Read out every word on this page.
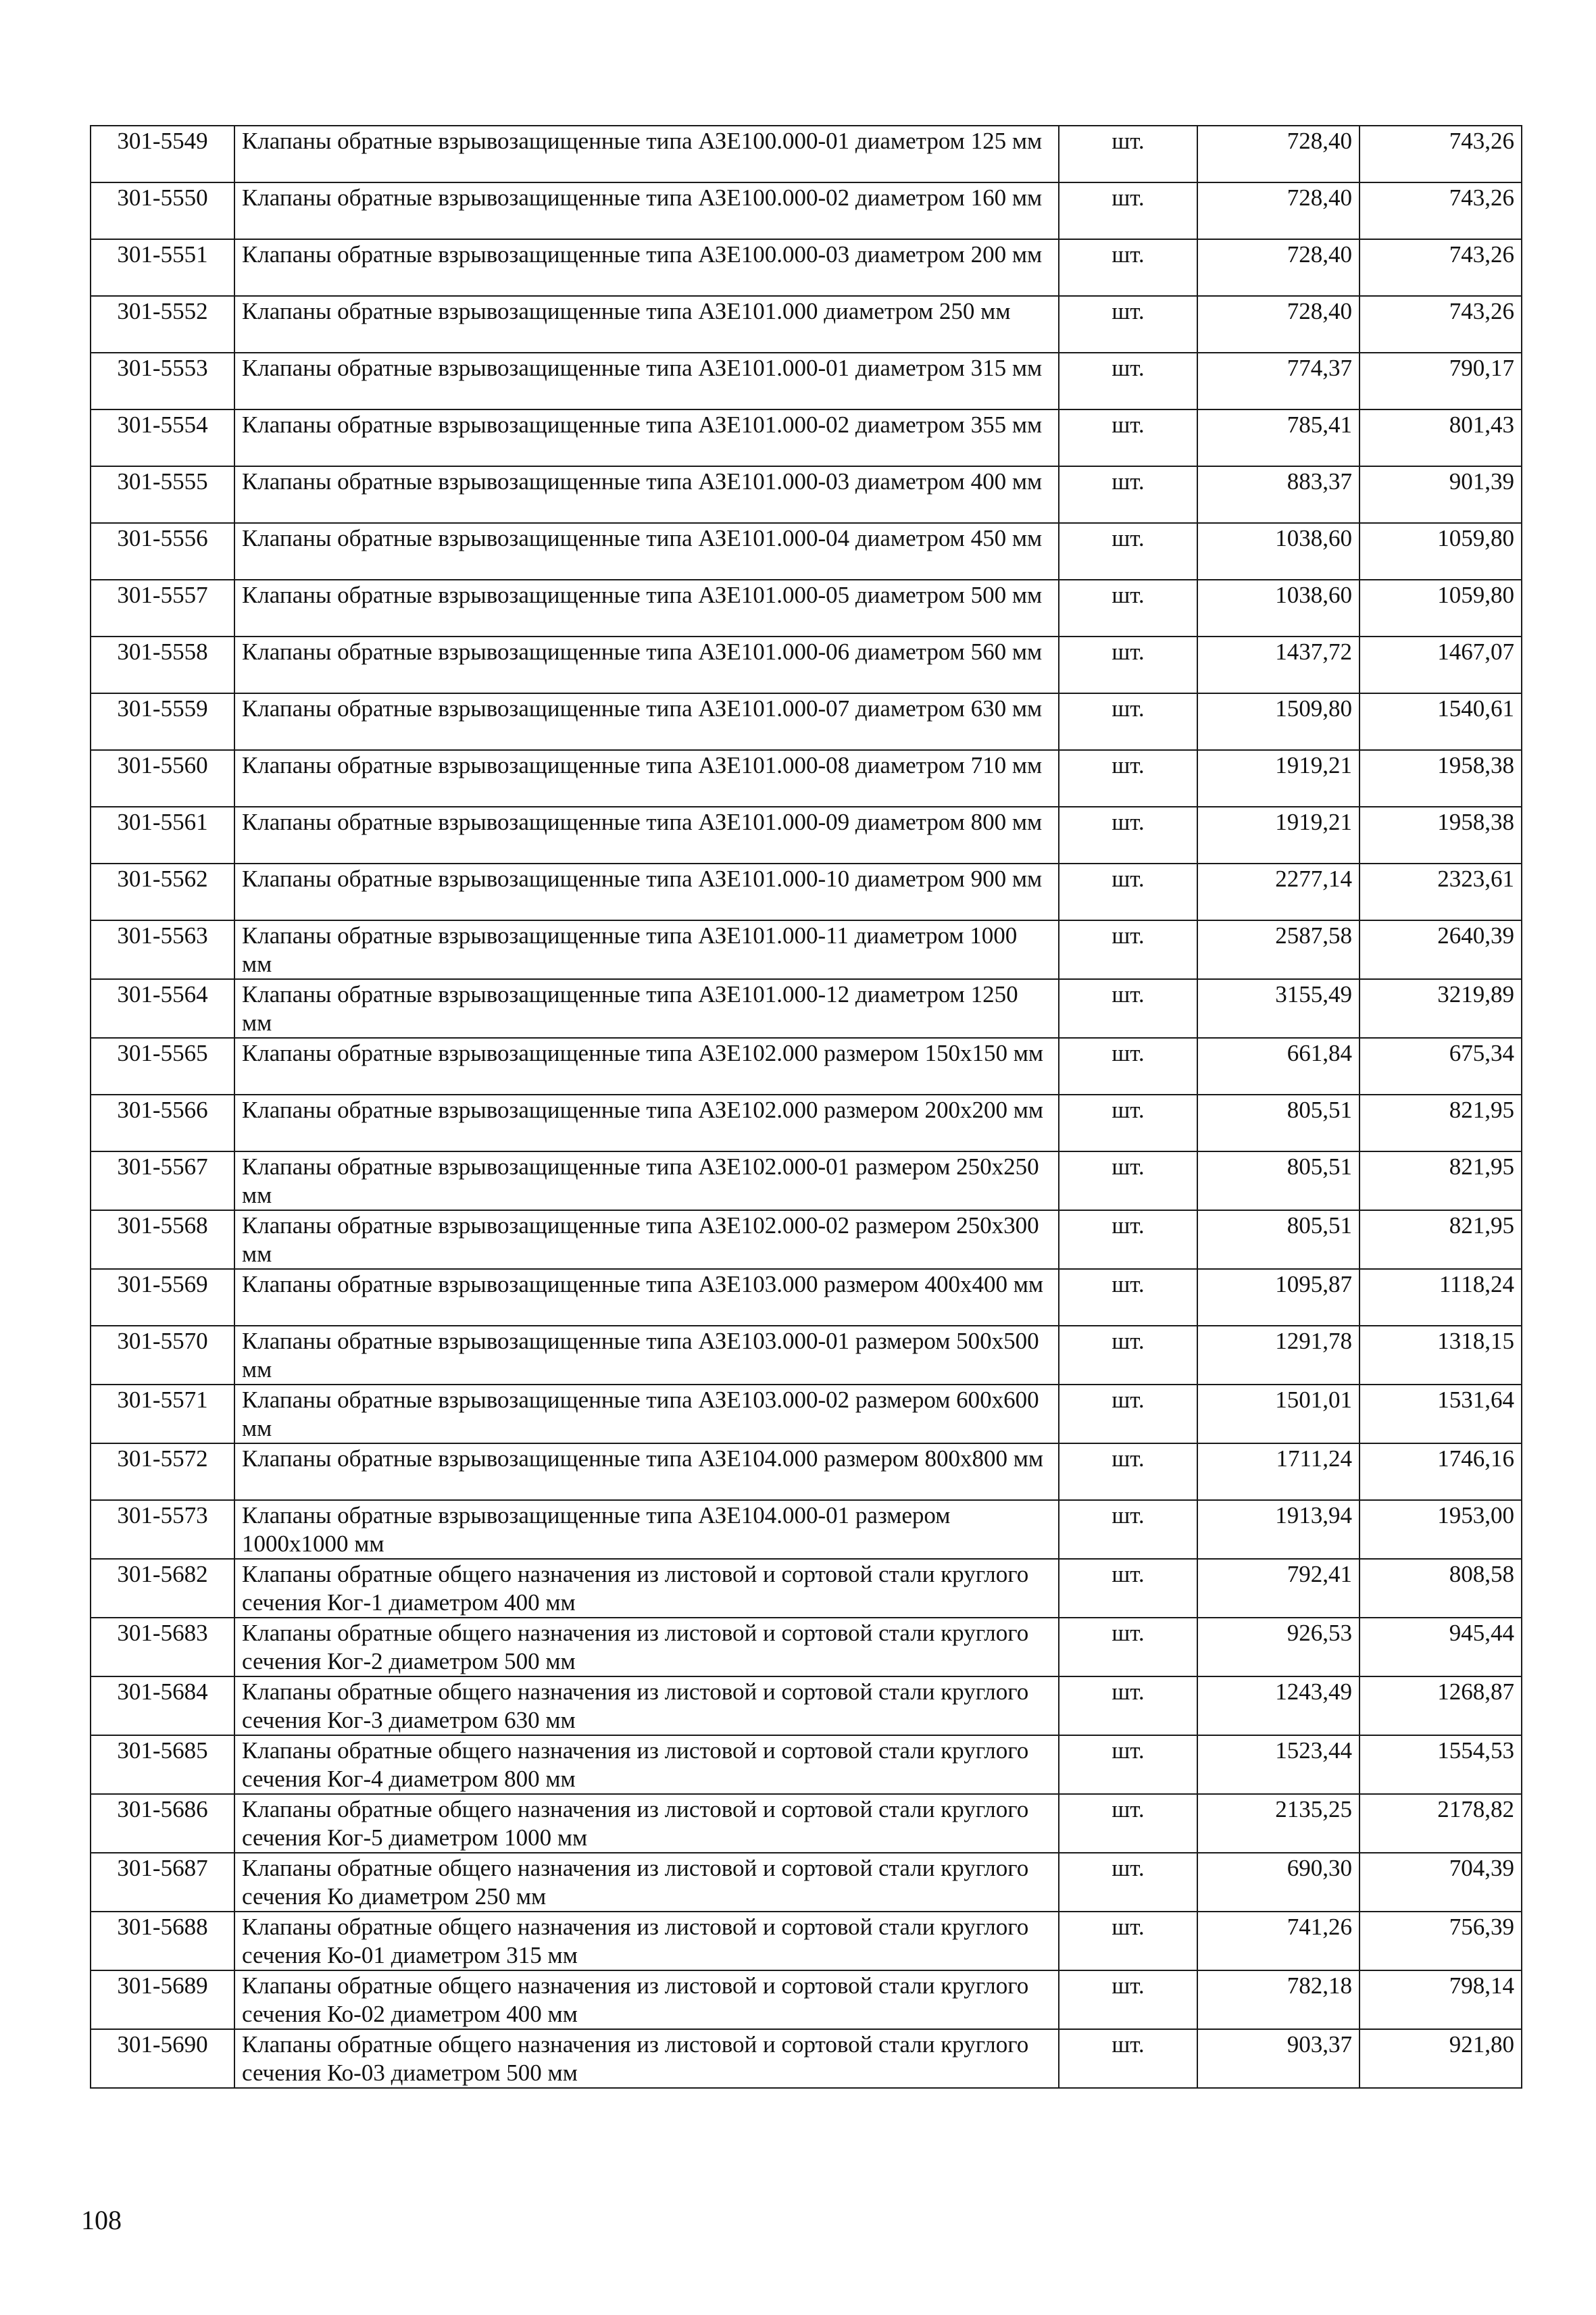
301-5549	Клапаны обратные взрывозащищенные типа АЗЕ100.000-01 диаметром 125 мм	шт.	728,40	743,26
301-5550	Клапаны обратные взрывозащищенные типа АЗЕ100.000-02 диаметром 160 мм	шт.	728,40	743,26
301-5551	Клапаны обратные взрывозащищенные типа АЗЕ100.000-03 диаметром 200 мм	шт.	728,40	743,26
301-5552	Клапаны обратные взрывозащищенные типа АЗЕ101.000 диаметром 250 мм	шт.	728,40	743,26
301-5553	Клапаны обратные взрывозащищенные типа АЗЕ101.000-01 диаметром 315 мм	шт.	774,37	790,17
301-5554	Клапаны обратные взрывозащищенные типа АЗЕ101.000-02 диаметром 355 мм	шт.	785,41	801,43
301-5555	Клапаны обратные взрывозащищенные типа АЗЕ101.000-03 диаметром 400 мм	шт.	883,37	901,39
301-5556	Клапаны обратные взрывозащищенные типа АЗЕ101.000-04 диаметром 450 мм	шт.	1038,60	1059,80
301-5557	Клапаны обратные взрывозащищенные типа АЗЕ101.000-05 диаметром 500 мм	шт.	1038,60	1059,80
301-5558	Клапаны обратные взрывозащищенные типа АЗЕ101.000-06 диаметром 560 мм	шт.	1437,72	1467,07
301-5559	Клапаны обратные взрывозащищенные типа АЗЕ101.000-07 диаметром 630 мм	шт.	1509,80	1540,61
301-5560	Клапаны обратные взрывозащищенные типа АЗЕ101.000-08 диаметром 710 мм	шт.	1919,21	1958,38
301-5561	Клапаны обратные взрывозащищенные типа АЗЕ101.000-09 диаметром 800 мм	шт.	1919,21	1958,38
301-5562	Клапаны обратные взрывозащищенные типа АЗЕ101.000-10 диаметром 900 мм	шт.	2277,14	2323,61
301-5563	Клапаны обратные взрывозащищенные типа АЗЕ101.000-11 диаметром 1000 мм	шт.	2587,58	2640,39
301-5564	Клапаны обратные взрывозащищенные типа АЗЕ101.000-12 диаметром 1250 мм	шт.	3155,49	3219,89
301-5565	Клапаны обратные взрывозащищенные типа АЗЕ102.000 размером 150х150 мм	шт.	661,84	675,34
301-5566	Клапаны обратные взрывозащищенные типа АЗЕ102.000 размером 200х200 мм	шт.	805,51	821,95
301-5567	Клапаны обратные взрывозащищенные типа АЗЕ102.000-01 размером 250х250 мм	шт.	805,51	821,95
301-5568	Клапаны обратные взрывозащищенные типа АЗЕ102.000-02 размером 250х300 мм	шт.	805,51	821,95
301-5569	Клапаны обратные взрывозащищенные типа АЗЕ103.000 размером 400х400 мм	шт.	1095,87	1118,24
301-5570	Клапаны обратные взрывозащищенные типа АЗЕ103.000-01 размером 500х500 мм	шт.	1291,78	1318,15
301-5571	Клапаны обратные взрывозащищенные типа АЗЕ103.000-02 размером 600х600 мм	шт.	1501,01	1531,64
301-5572	Клапаны обратные взрывозащищенные типа АЗЕ104.000 размером 800х800 мм	шт.	1711,24	1746,16
301-5573	Клапаны обратные взрывозащищенные типа АЗЕ104.000-01 размером 1000х1000 мм	шт.	1913,94	1953,00
301-5682	Клапаны обратные общего назначения из листовой и сортовой стали круглого сечения Ког-1 диаметром 400 мм	шт.	792,41	808,58
301-5683	Клапаны обратные общего назначения из листовой и сортовой стали круглого сечения Ког-2 диаметром 500 мм	шт.	926,53	945,44
301-5684	Клапаны обратные общего назначения из листовой и сортовой стали круглого сечения Ког-3 диаметром 630 мм	шт.	1243,49	1268,87
301-5685	Клапаны обратные общего назначения из листовой и сортовой стали круглого сечения Ког-4 диаметром 800 мм	шт.	1523,44	1554,53
301-5686	Клапаны обратные общего назначения из листовой и сортовой стали круглого сечения Ког-5 диаметром 1000 мм	шт.	2135,25	2178,82
301-5687	Клапаны обратные общего назначения из листовой и сортовой стали круглого сечения Ко диаметром 250 мм	шт.	690,30	704,39
301-5688	Клапаны обратные общего назначения из листовой и сортовой стали круглого сечения Ко-01 диаметром 315 мм	шт.	741,26	756,39
301-5689	Клапаны обратные общего назначения из листовой и сортовой стали круглого сечения Ко-02 диаметром 400 мм	шт.	782,18	798,14
301-5690	Клапаны обратные общего назначения из листовой и сортовой стали круглого сечения Ко-03 диаметром 500 мм	шт.	903,37	921,80
108
